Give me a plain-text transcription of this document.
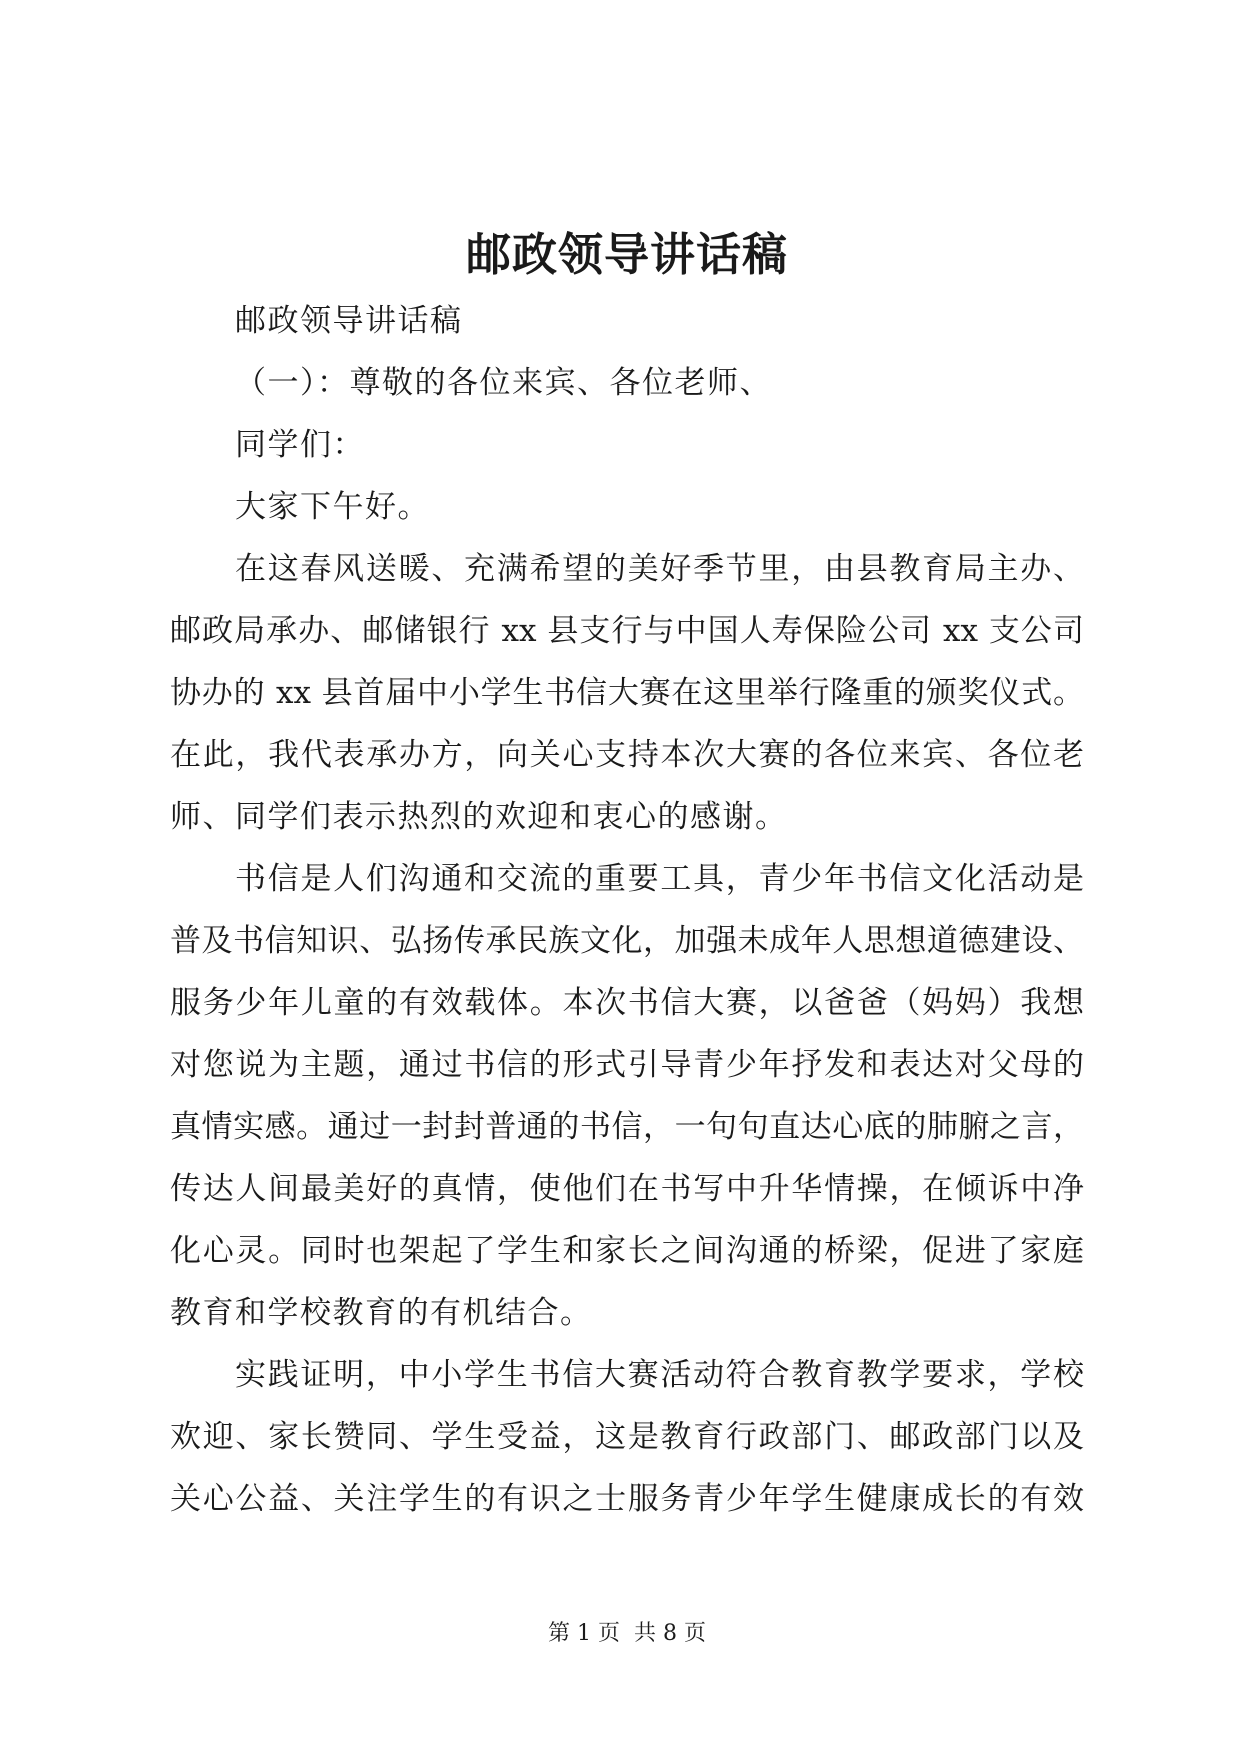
邮政领导讲话稿
邮政领导讲话稿
（一）：尊敬的各位来宾、各位老师、
同学们：
大家下午好。
在这春风送暖、充满希望的美好季节里，由县教育局主办、
邮政局承办、邮储银行 xx 县支行与中国人寿保险公司 xx 支公司
协办的 xx 县首届中小学生书信大赛在这里举行隆重的颁奖仪式。
在此，我代表承办方，向关心支持本次大赛的各位来宾、各位老
师、同学们表示热烈的欢迎和衷心的感谢。
书信是人们沟通和交流的重要工具，青少年书信文化活动是
普及书信知识、弘扬传承民族文化，加强未成年人思想道德建设、
服务少年儿童的有效载体。本次书信大赛，以爸爸（妈妈）我想
对您说为主题，通过书信的形式引导青少年抒发和表达对父母的
真情实感。通过一封封普通的书信，一句句直达心底的肺腑之言，
传达人间最美好的真情，使他们在书写中升华情操，在倾诉中净
化心灵。同时也架起了学生和家长之间沟通的桥梁，促进了家庭
教育和学校教育的有机结合。
实践证明，中小学生书信大赛活动符合教育教学要求，学校
欢迎、家长赞同、学生受益，这是教育行政部门、邮政部门以及
关心公益、关注学生的有识之士服务青少年学生健康成长的有效
第 1 页  共 8 页
